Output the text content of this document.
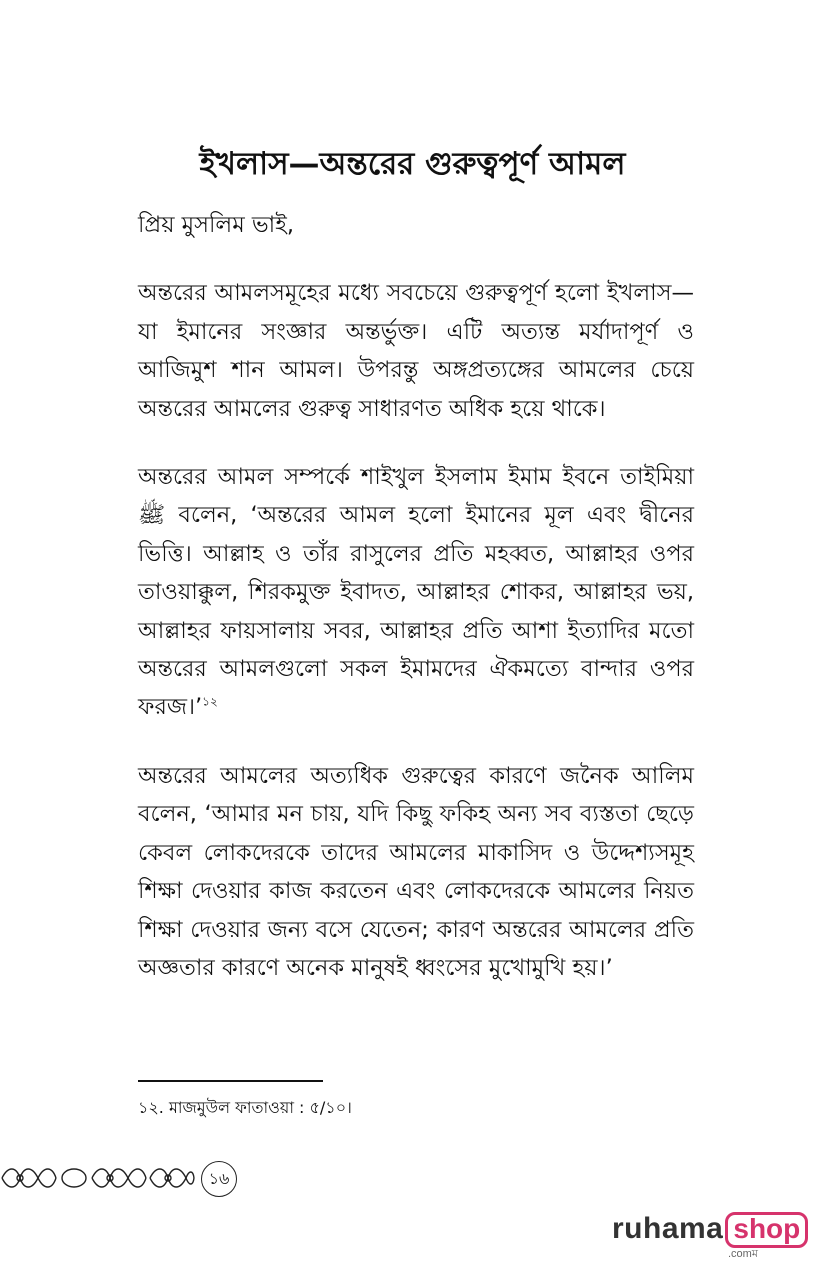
ইখলাস—অন্তরের গুরুত্বপূর্ণ আমল

প্রিয় মুসলিম ভাই,

অন্তরের আমলসমূহের মধ্যে সবচেয়ে গুরুত্বপূর্ণ হলো ইখলাস—যা ইমানের সংজ্ঞার অন্তর্ভুক্ত। এটি অত্যন্ত মর্যাদাপূর্ণ ও আজিমুশ শান আমল। উপরন্তু অঙ্গপ্রত্যঙ্গের আমলের চেয়ে অন্তরের আমলের গুরুত্ব সাধারণত অধিক হয়ে থাকে।

অন্তরের আমল সম্পর্কে শাইখুল ইসলাম ইমাম ইবনে তাইমিয়া ﷺ বলেন, ‘অন্তরের আমল হলো ইমানের মূল এবং দ্বীনের ভিত্তি। আল্লাহ ও তাঁর রাসুলের প্রতি মহব্বত, আল্লাহর ওপর তাওয়াক্কুল, শিরকমুক্ত ইবাদত, আল্লাহর শোকর, আল্লাহর ভয়, আল্লাহর ফায়সালায় সবর, আল্লাহর প্রতি আশা ইত্যাদির মতো অন্তরের আমলগুলো সকল ইমামদের ঐকমত্যে বান্দার ওপর ফরজ।’$^{১২}$

অন্তরের আমলের অত্যধিক গুরুত্বের কারণে জনৈক আলিম বলেন, ‘আমার মন চায়, যদি কিছু ফকিহ অন্য সব ব্যস্ততা ছেড়ে কেবল লোকদেরকে তাদের আমলের মাকাসিদ ও উদ্দেশ্যসমূহ শিক্ষা দেওয়ার কাজ করতেন এবং লোকদেরকে আমলের নিয়ত শিক্ষা দেওয়ার জন্য বসে যেতেন; কারণ অন্তরের আমলের প্রতি অজ্ঞতার কারণে অনেক মানুষই ধ্বংসের মুখোমুখি হয়।’

১২. মাজমুউল ফাতাওয়া : ৫/১০।
১৬
ruhama shop
.comম
